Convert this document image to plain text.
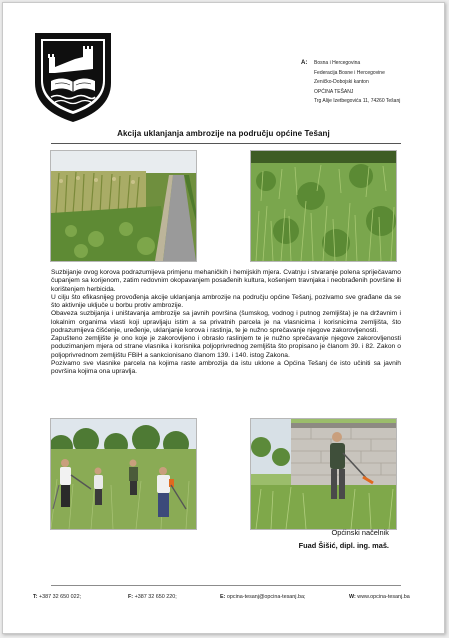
A: Bosna i Hercegovina
Federacija Bosne i Hercegovine
Zeničko-Dobojski kanton
OPĆINA TEŠANJ
Trg Alije Izetbegovića 11, 74260 Tešanj
Akcija uklanjanja ambrozije na području općine Tešanj

Suzbijanje ovog korova podrazumijeva primjenu mehaničkih i hemijskih mjera. Cvatnju i stvaranje polena spriječavamo čupanjem sa korijenom, zatim redovnim okopavanjem posađenih kultura, košenjem travnjaka i neobrađenih površine ili korištenjem herbicida.

U cilju što efikasnijeg provođenja akcije uklanjanja ambrozije na području općine Tešanj, pozivamo sve građane da se što aktivnije uključe u borbu protiv ambrozije.

Obaveza suzbijanja i uništavanja ambrozije sa javnih površina (šumskog, vodnog i putnog zemljišta) je na državnim i lokalnim organima vlasti koji upravljaju istim a sa privatnih parcela je na vlasnicima i korisnicima zemljišta, što podrazumijeva čišćenje, uređenje, uklanjanje korova i rastinja, te je nužno sprečavanje njegove zakorovljenosti.

Zapušteno zemljište je ono koje je zakorovljeno i obraslo raslinjem te je nužno sprečavanje njegove zakorovljenosti poduzimanjem mjera od strane vlasnika i korisnika poljoprivrednog zemljišta što propisano je članom 39. i 82. Zakon o poljoprivrednom zemljištu FBiH a sankcionisano članom 139. i 140. istog Zakona.

Pozivamo sve vlasnike parcela na kojima raste ambrozija da istu uklone a Općina Tešanj će isto učiniti sa javnih površina kojima ona upravlja.

Općinski načelnik
Fuad Šišić, dipl. ing. maš.
T: +387 32 650 022;	F: +387 32 650 220;	E: opcina-tesanj@opcina-tesanj.ba;	W: www.opcina-tesanj.ba
